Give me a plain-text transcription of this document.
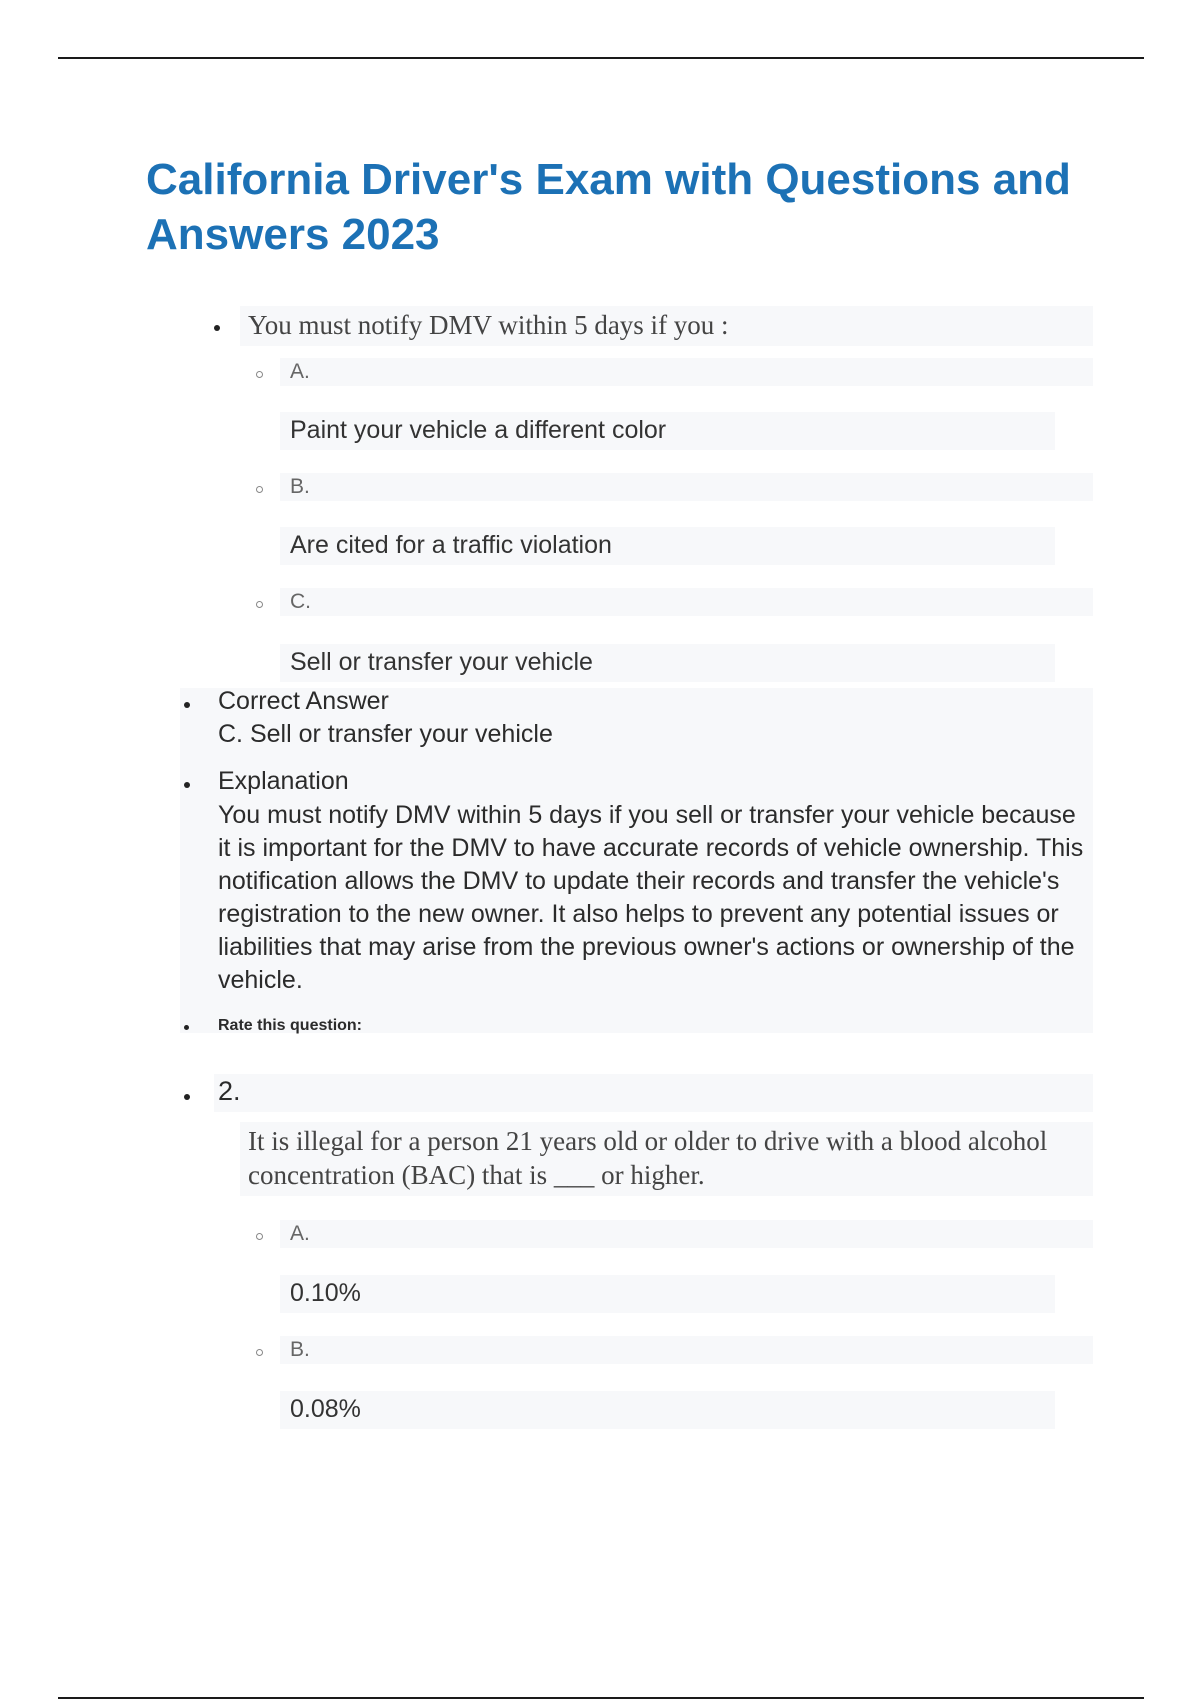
California Driver's Exam with Questions and Answers 2023

You must notify DMV within 5 days if you :

A.

Paint your vehicle a different color

B.

Are cited for a traffic violation

C.

Sell or transfer your vehicle

Correct Answer

C. Sell or transfer your vehicle

Explanation

You must notify DMV within 5 days if you sell or transfer your vehicle because it is important for the DMV to have accurate records of vehicle ownership. This notification allows the DMV to update their records and transfer the vehicle's registration to the new owner. It also helps to prevent any potential issues or liabilities that may arise from the previous owner's actions or ownership of the vehicle.

Rate this question:

2.

It is illegal for a person 21 years old or older to drive with a blood alcohol concentration (BAC) that is ___ or higher.

A.

0.10%

B.

0.08%
